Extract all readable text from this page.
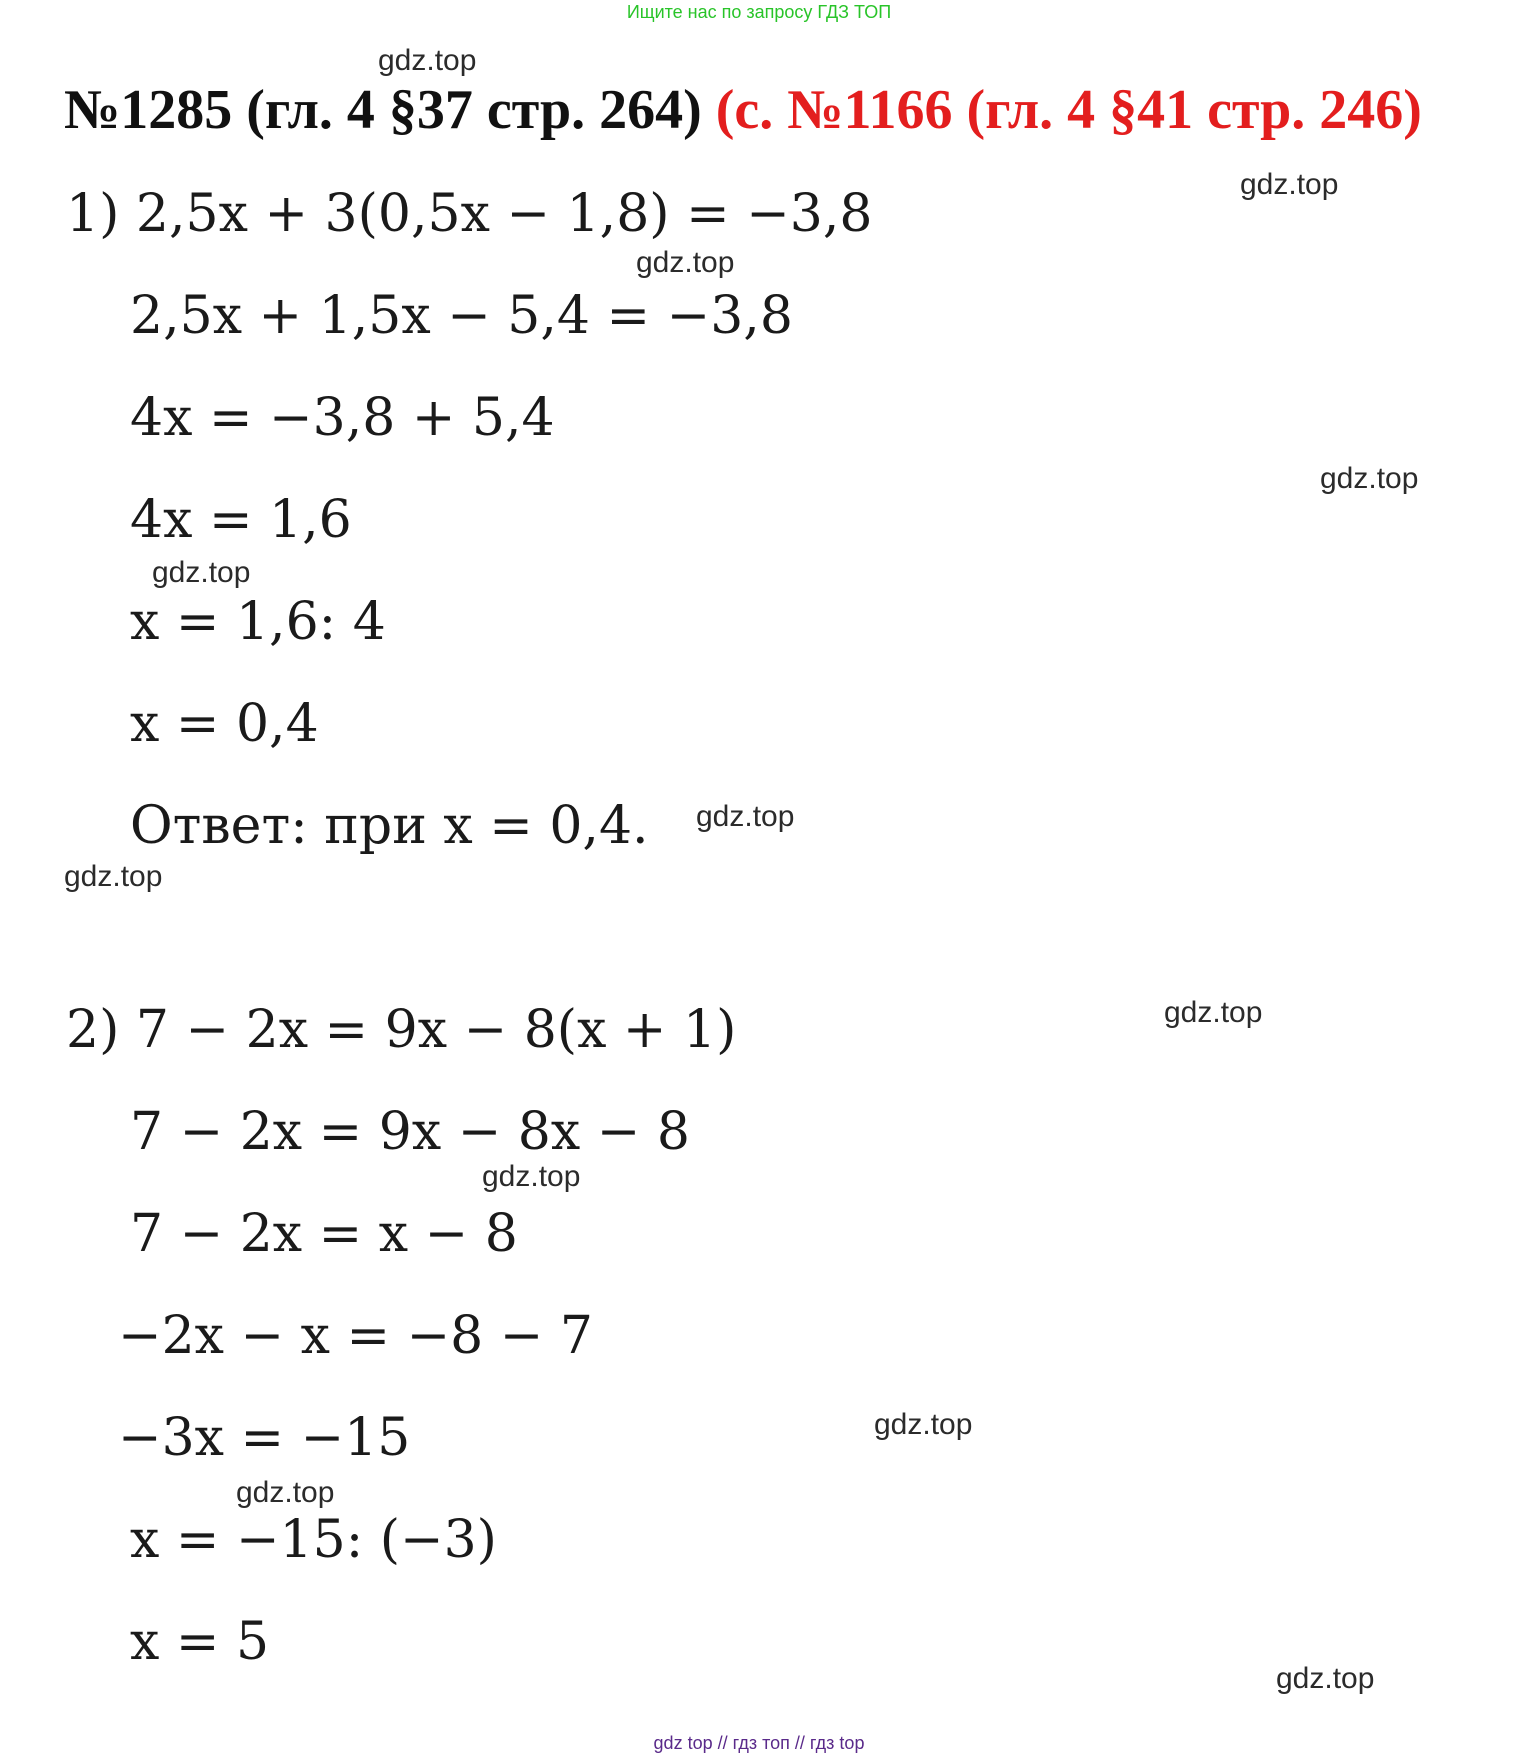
Ищите нас по запросу ГДЗ ТОП
gdz.top
№1285 (гл. 4 §37 стр. 264) (с. №1166 (гл. 4 §41 стр. 246)
gdz.top
1) 2,5x + 3(0,5x − 1,8) = −3,8
gdz.top
2,5x + 1,5x − 5,4 = −3,8
4x = −3,8 + 5,4
gdz.top
4x = 1,6
gdz.top
x = 1,6: 4
x = 0,4
Ответ: при x = 0,4. gdz.top
gdz.top
gdz.top
2) 7 − 2x = 9x − 8(x + 1)
7 − 2x = 9x − 8x − 8
gdz.top
7 − 2x = x − 8
−2x − x = −8 − 7
gdz.top
−3x = −15
gdz.top
x = −15: (−3)
x = 5
gdz.top
gdz top // гдз топ // гдз top
